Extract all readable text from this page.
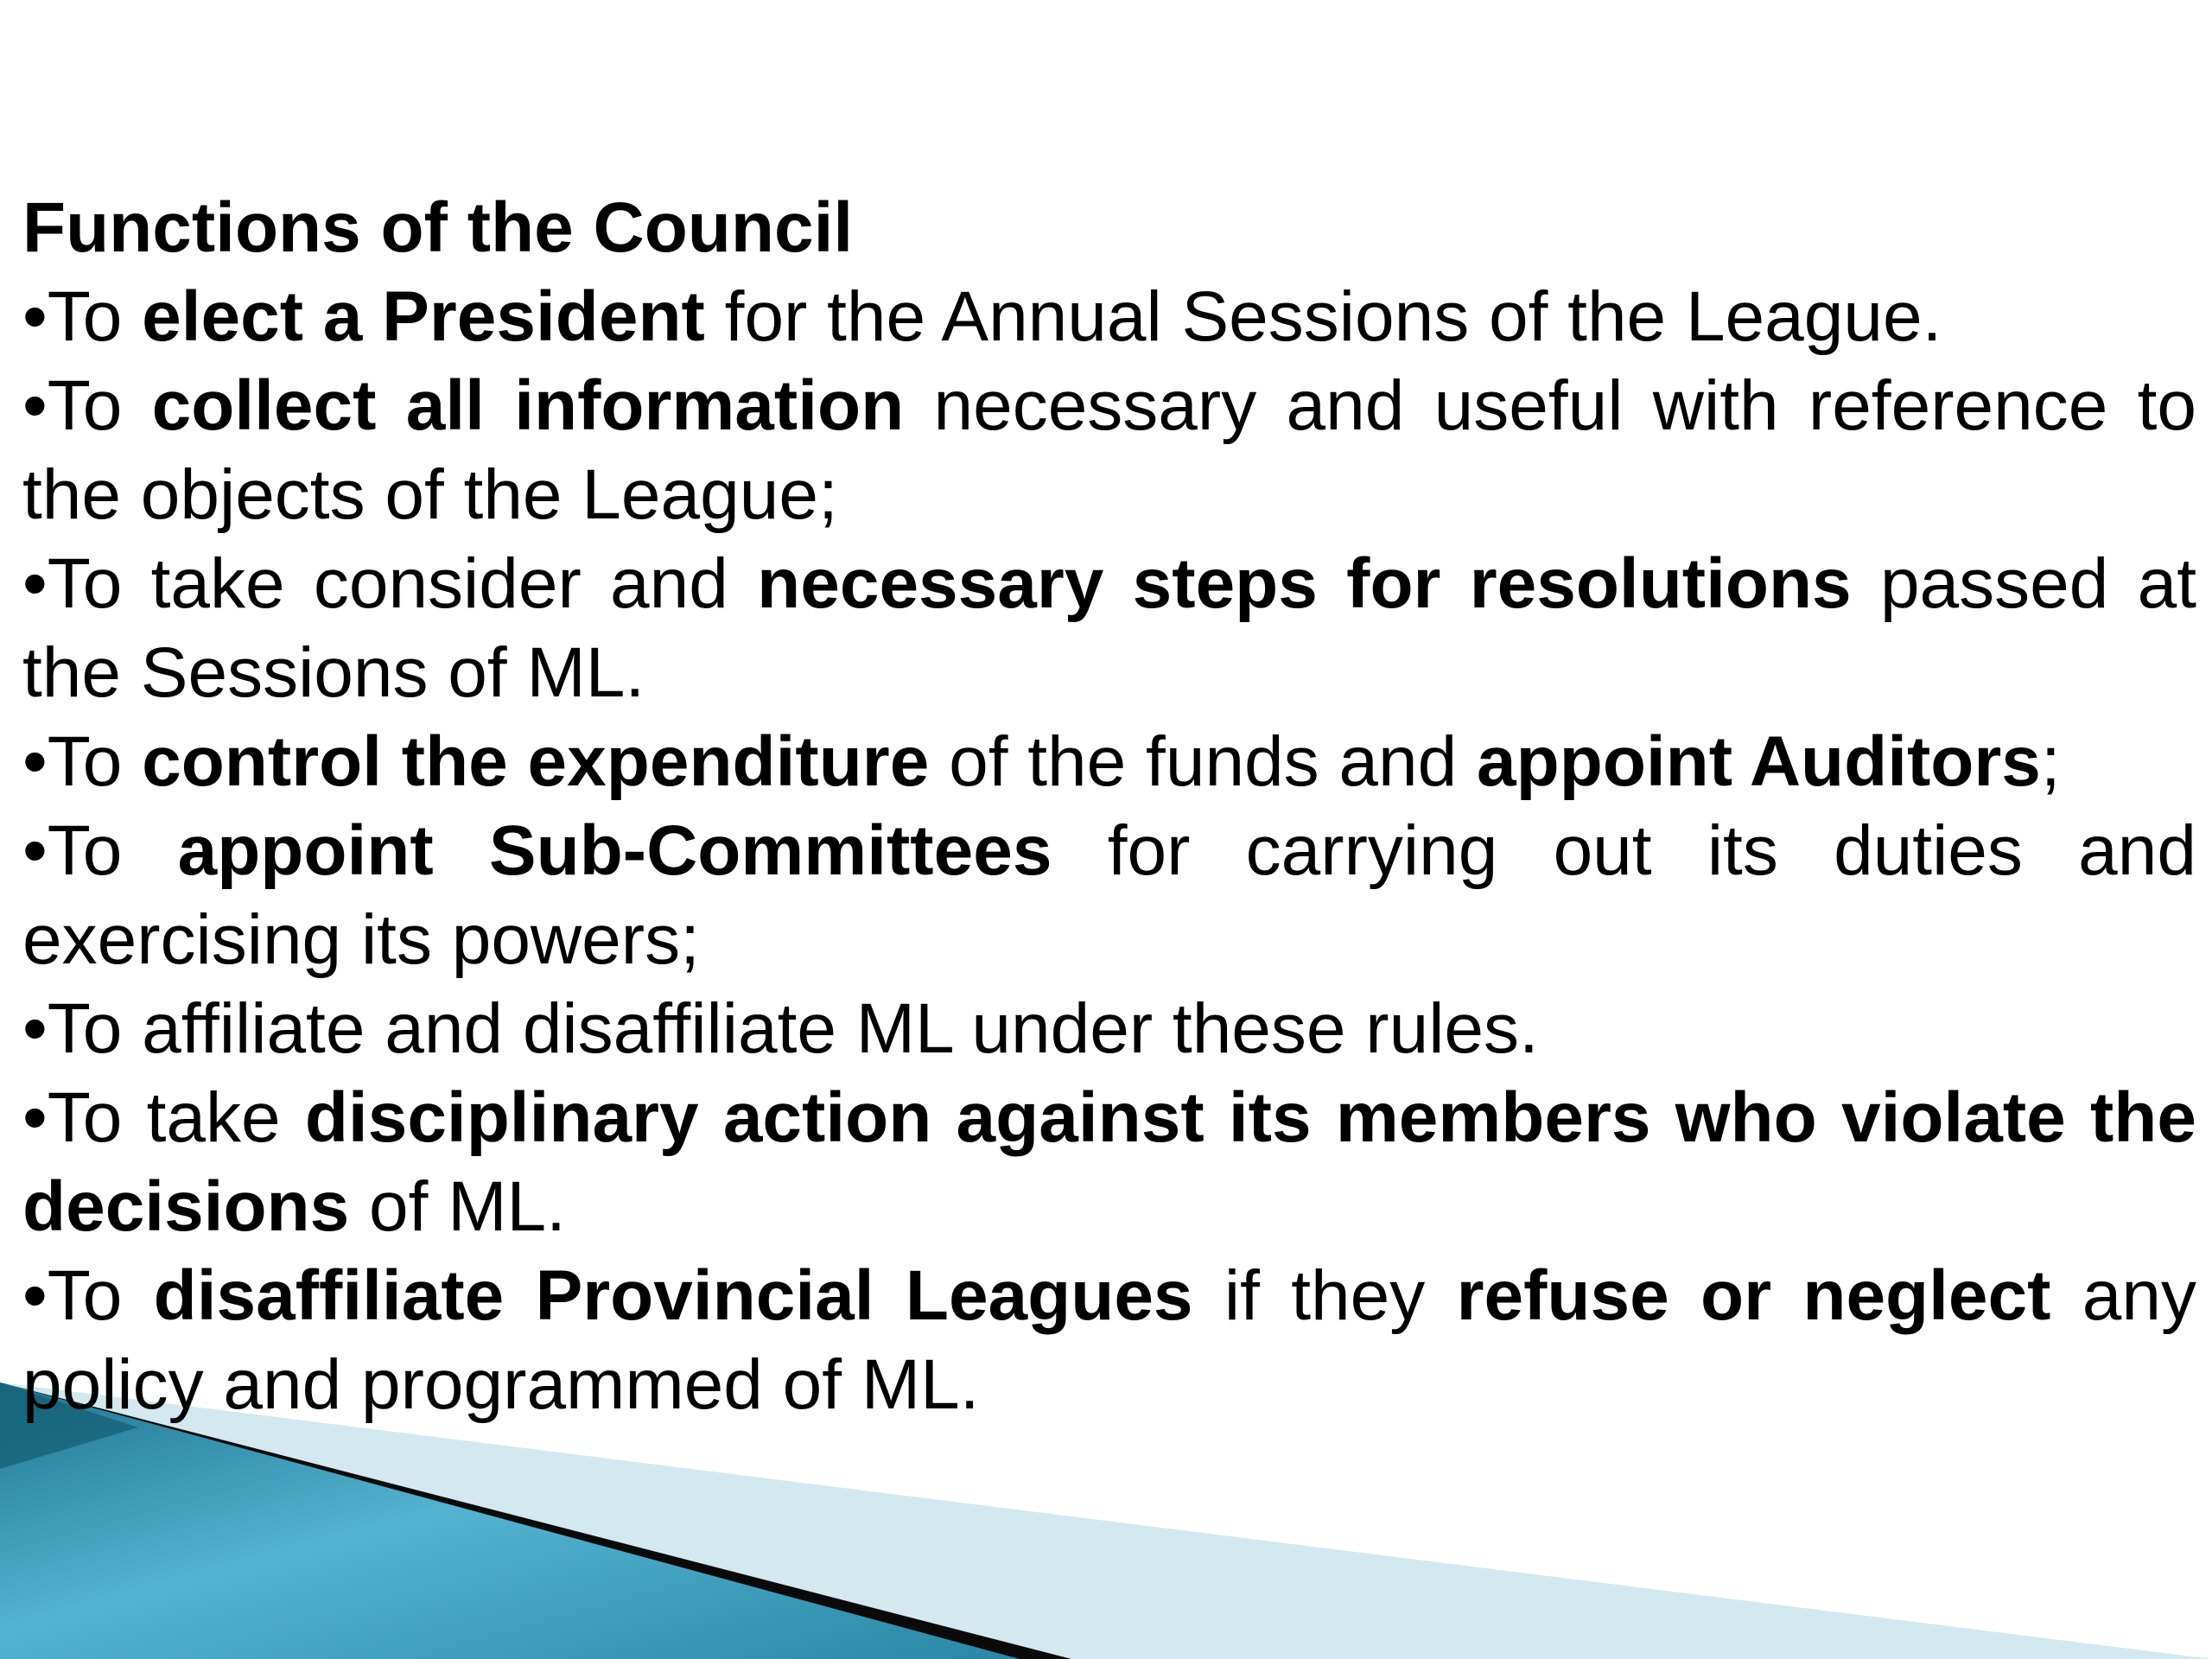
Functions of the Council

•To elect a President for the Annual Sessions of the League.

•To collect all information necessary and useful with reference to the objects of the League;

•To take consider and necessary steps for resolutions passed at the Sessions of ML.

•To control the expenditure of the funds and appoint Auditors;

•To appoint Sub-Committees for carrying out its duties and exercising its powers;

•To affiliate and disaffiliate ML under these rules.

•To take disciplinary action against its members who violate the decisions of ML.

•To disaffiliate Provincial Leagues if they refuse or neglect any policy and programmed of ML.
